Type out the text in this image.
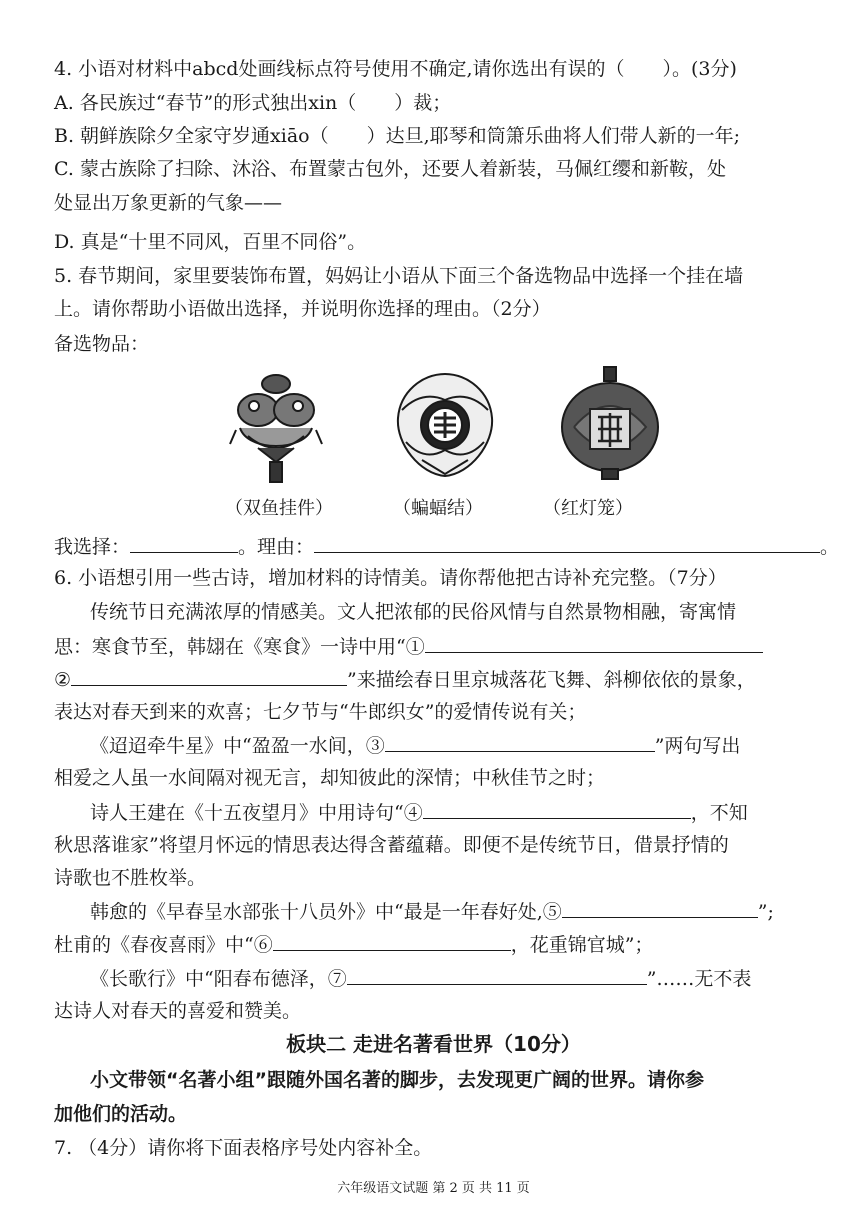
4. 小语对材料中abcd处画线标点符号使用不确定,请你选出有误的（　　）。(3分)
A. 各民族过“春节”的形式独出xin（　　）裁；
B. 朝鲜族除夕全家守岁通xiāo（　　）达旦,耶琴和筒箫乐曲将人们带人新的一年;
C. 蒙古族除了扫除、沐浴、布置蒙古包外，还要人着新装，马佩红缨和新鞍，处
处显出万象更新的气象——
D. 真是“十里不同风，百里不同俗”。
5. 春节期间，家里要装饰布置，妈妈让小语从下面三个备选物品中选择一个挂在墙
上。请你帮助小语做出选择，并说明你选择的理由。（2分）
备选物品：
（双鱼挂件）	（蝙蝠结）	（红灯笼）
我选择：	。理由：	。
6. 小语想引用一些古诗，增加材料的诗情美。请你帮他把古诗补充完整。（7分）
传统节日充满浓厚的情感美。文人把浓郁的民俗风情与自然景物相融，寄寓情
思：寒食节至，韩翃在《寒食》一诗中用“①
②	”来描绘春日里京城落花飞舞、斜柳依依的景象，
表达对春天到来的欢喜；七夕节与“牛郎织女”的爱情传说有关；
《迢迢牵牛星》中“盈盈一水间，③	”两句写出
相爱之人虽一水间隔对视无言，却知彼此的深情；中秋佳节之时；
诗人王建在《十五夜望月》中用诗句“④	，不知
秋思落谁家”将望月怀远的情思表达得含蓄蕴藉。即便不是传统节日，借景抒情的
诗歌也不胜枚举。
韩愈的《早春呈水部张十八员外》中“最是一年春好处,⑤	”;
杜甫的《春夜喜雨》中“⑥	，花重锦官城”；
《长歌行》中“阳春布德泽，⑦	”……无不表
达诗人对春天的喜爱和赞美。
板块二 走进名著看世界（10分）
小文带领“名著小组”跟随外国名著的脚步，去发现更广阔的世界。请你参
加他们的活动。
7. （4分）请你将下面表格序号处内容补全。
六年级语文试题 第 2 页 共 11 页
